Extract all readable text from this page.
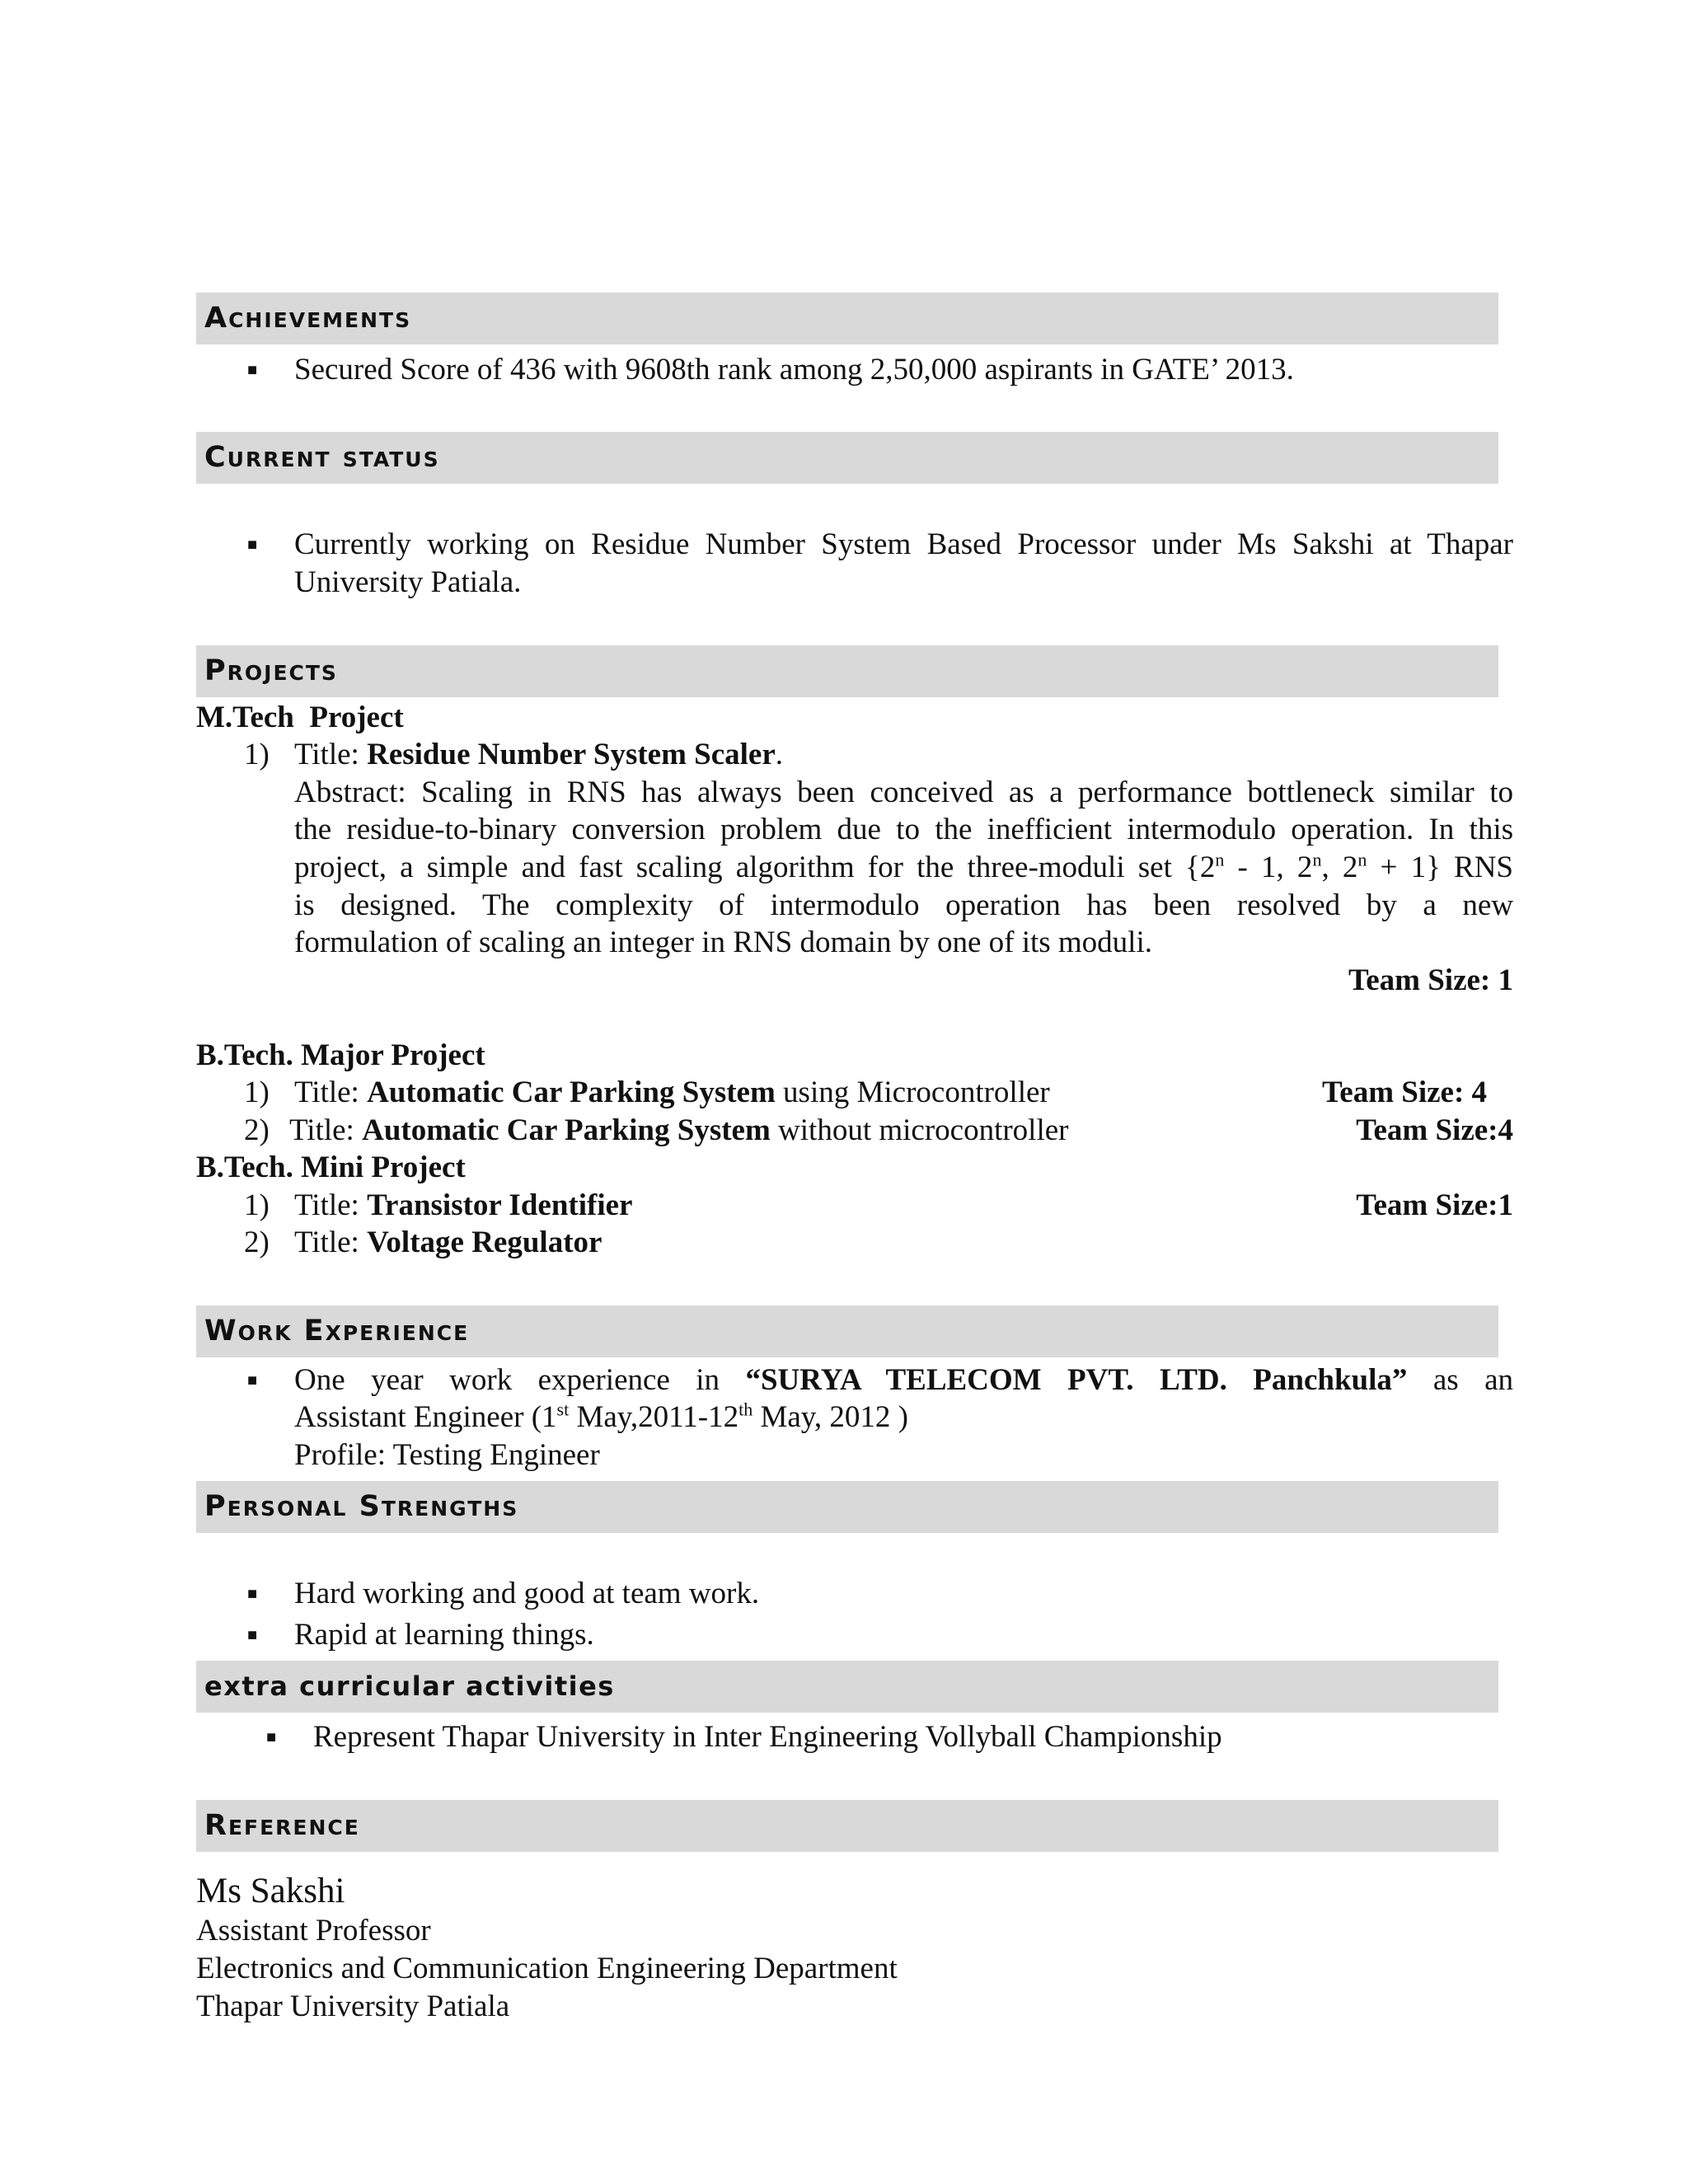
Achievements
■ Secured Score of 436 with 9608th rank among 2,50,000 aspirants in GATE’ 2013.
Current status
■ Currently working on Residue Number System Based Processor under Ms Sakshi at Thapar
University Patiala.
Projects
M.Tech  Project
1) Title: Residue Number System Scaler.
Abstract: Scaling in RNS has always been conceived as a performance bottleneck similar to
the residue-to-binary conversion problem due to the inefficient intermodulo operation. In this
project, a simple and fast scaling algorithm for the three-moduli set {2$^n$ - 1, 2$^n$, $2^n + 1$} RNS
is designed. The complexity of intermodulo operation has been resolved by a new
formulation of scaling an integer in RNS domain by one of its moduli.
Team Size: 1
B.Tech. Major Project
1) Title: Automatic Car Parking System using Microcontroller	Team Size: 4
2) Title: Automatic Car Parking System without microcontroller	Team Size:4
B.Tech. Mini Project
1) Title: Transistor Identifier	Team Size:1
2) Title: Voltage Regulator
Work Experience
■ One year work experience in “SURYA TELECOM PVT. LTD. Panchkula” as an
Assistant Engineer (1st May,2011-12th May, 2012 )
Profile: Testing Engineer
Personal Strengths
■ Hard working and good at team work.
■ Rapid at learning things.
extra curricular activities
■ Represent Thapar University in Inter Engineering Vollyball Championship
Reference
Ms Sakshi
Assistant Professor
Electronics and Communication Engineering Department
Thapar University Patiala
